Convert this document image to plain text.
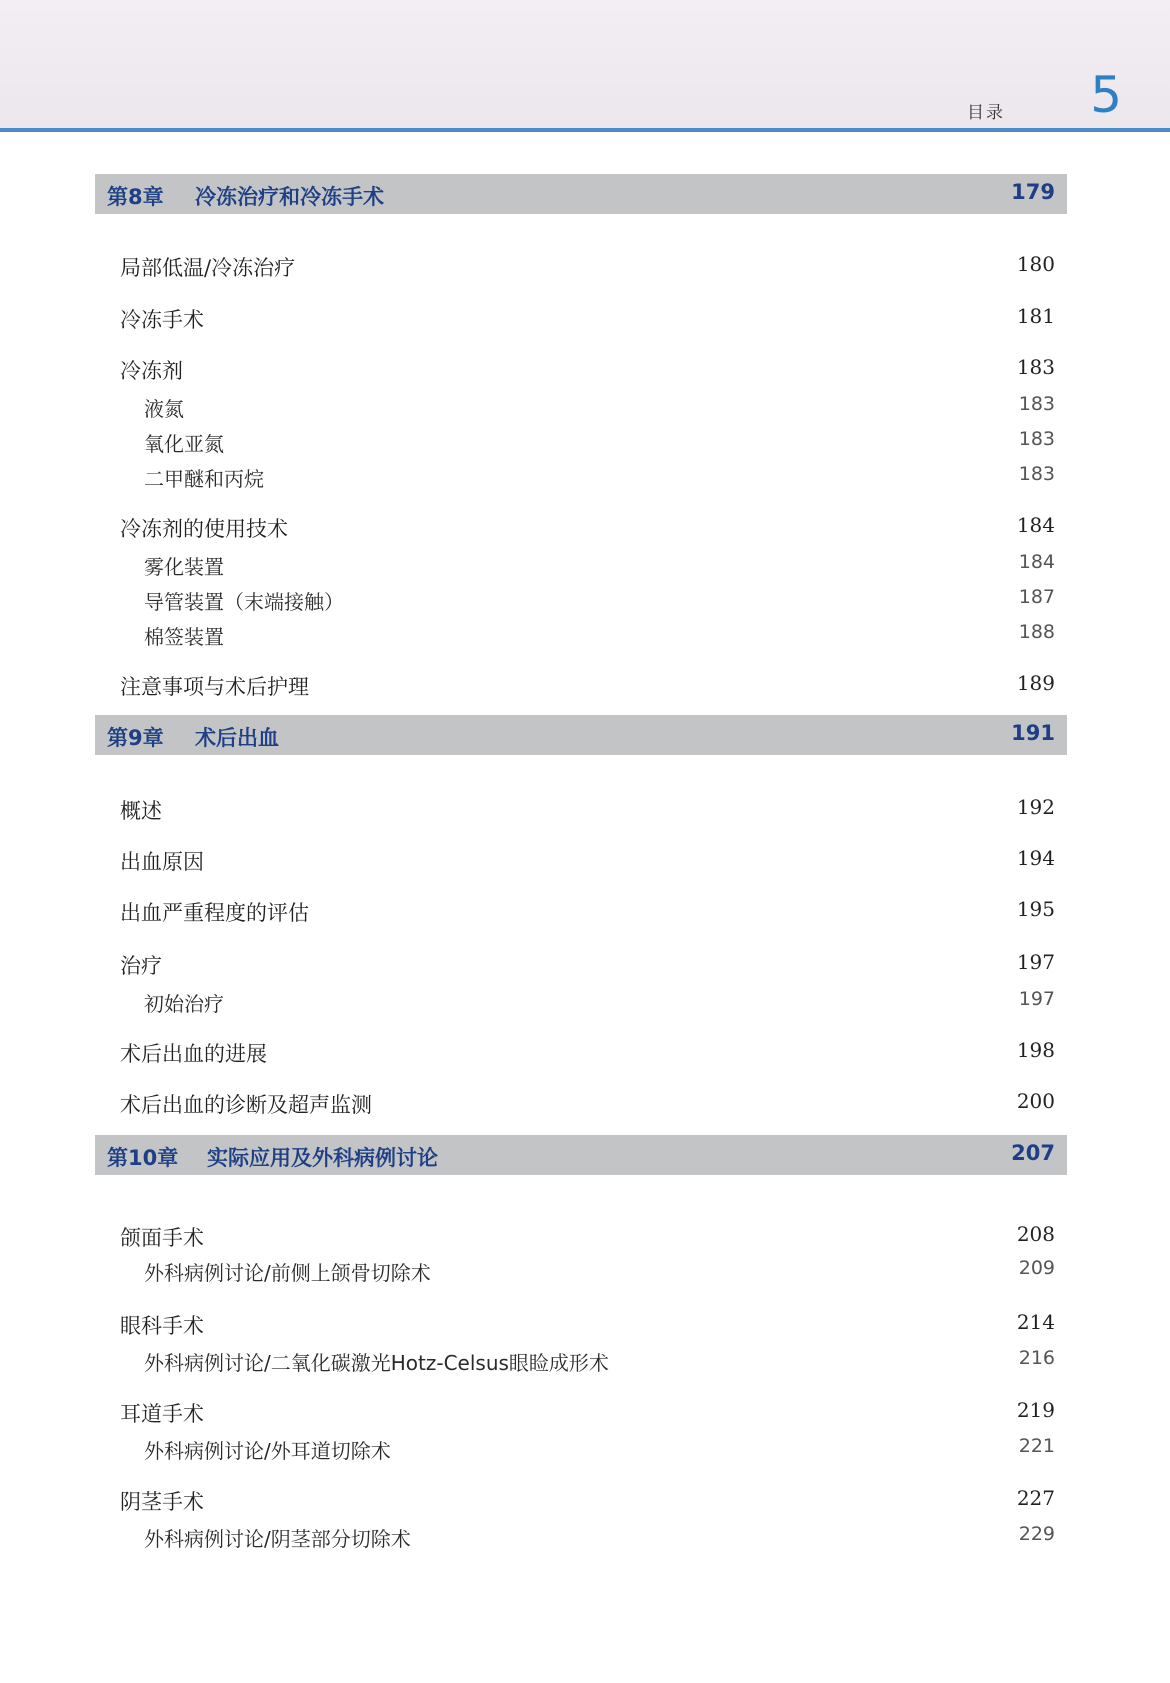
目录 5
第8章 冷冻治疗和冷冻手术	179
局部低温/冷冻治疗	180
冷冻手术	181
冷冻剂	183
液氮	183
氧化亚氮	183
二甲醚和丙烷	183
冷冻剂的使用技术	184
雾化装置	184
导管装置（末端接触）	187
棉签装置	188
注意事项与术后护理	189
第9章 术后出血	191
概述	192
出血原因	194
出血严重程度的评估	195
治疗	197
初始治疗	197
术后出血的进展	198
术后出血的诊断及超声监测	200
第10章 实际应用及外科病例讨论	207
颌面手术	208
外科病例讨论/前侧上颌骨切除术	209
眼科手术	214
外科病例讨论/二氧化碳激光Hotz-Celsus眼睑成形术	216
耳道手术	219
外科病例讨论/外耳道切除术	221
阴茎手术	227
外科病例讨论/阴茎部分切除术	229
